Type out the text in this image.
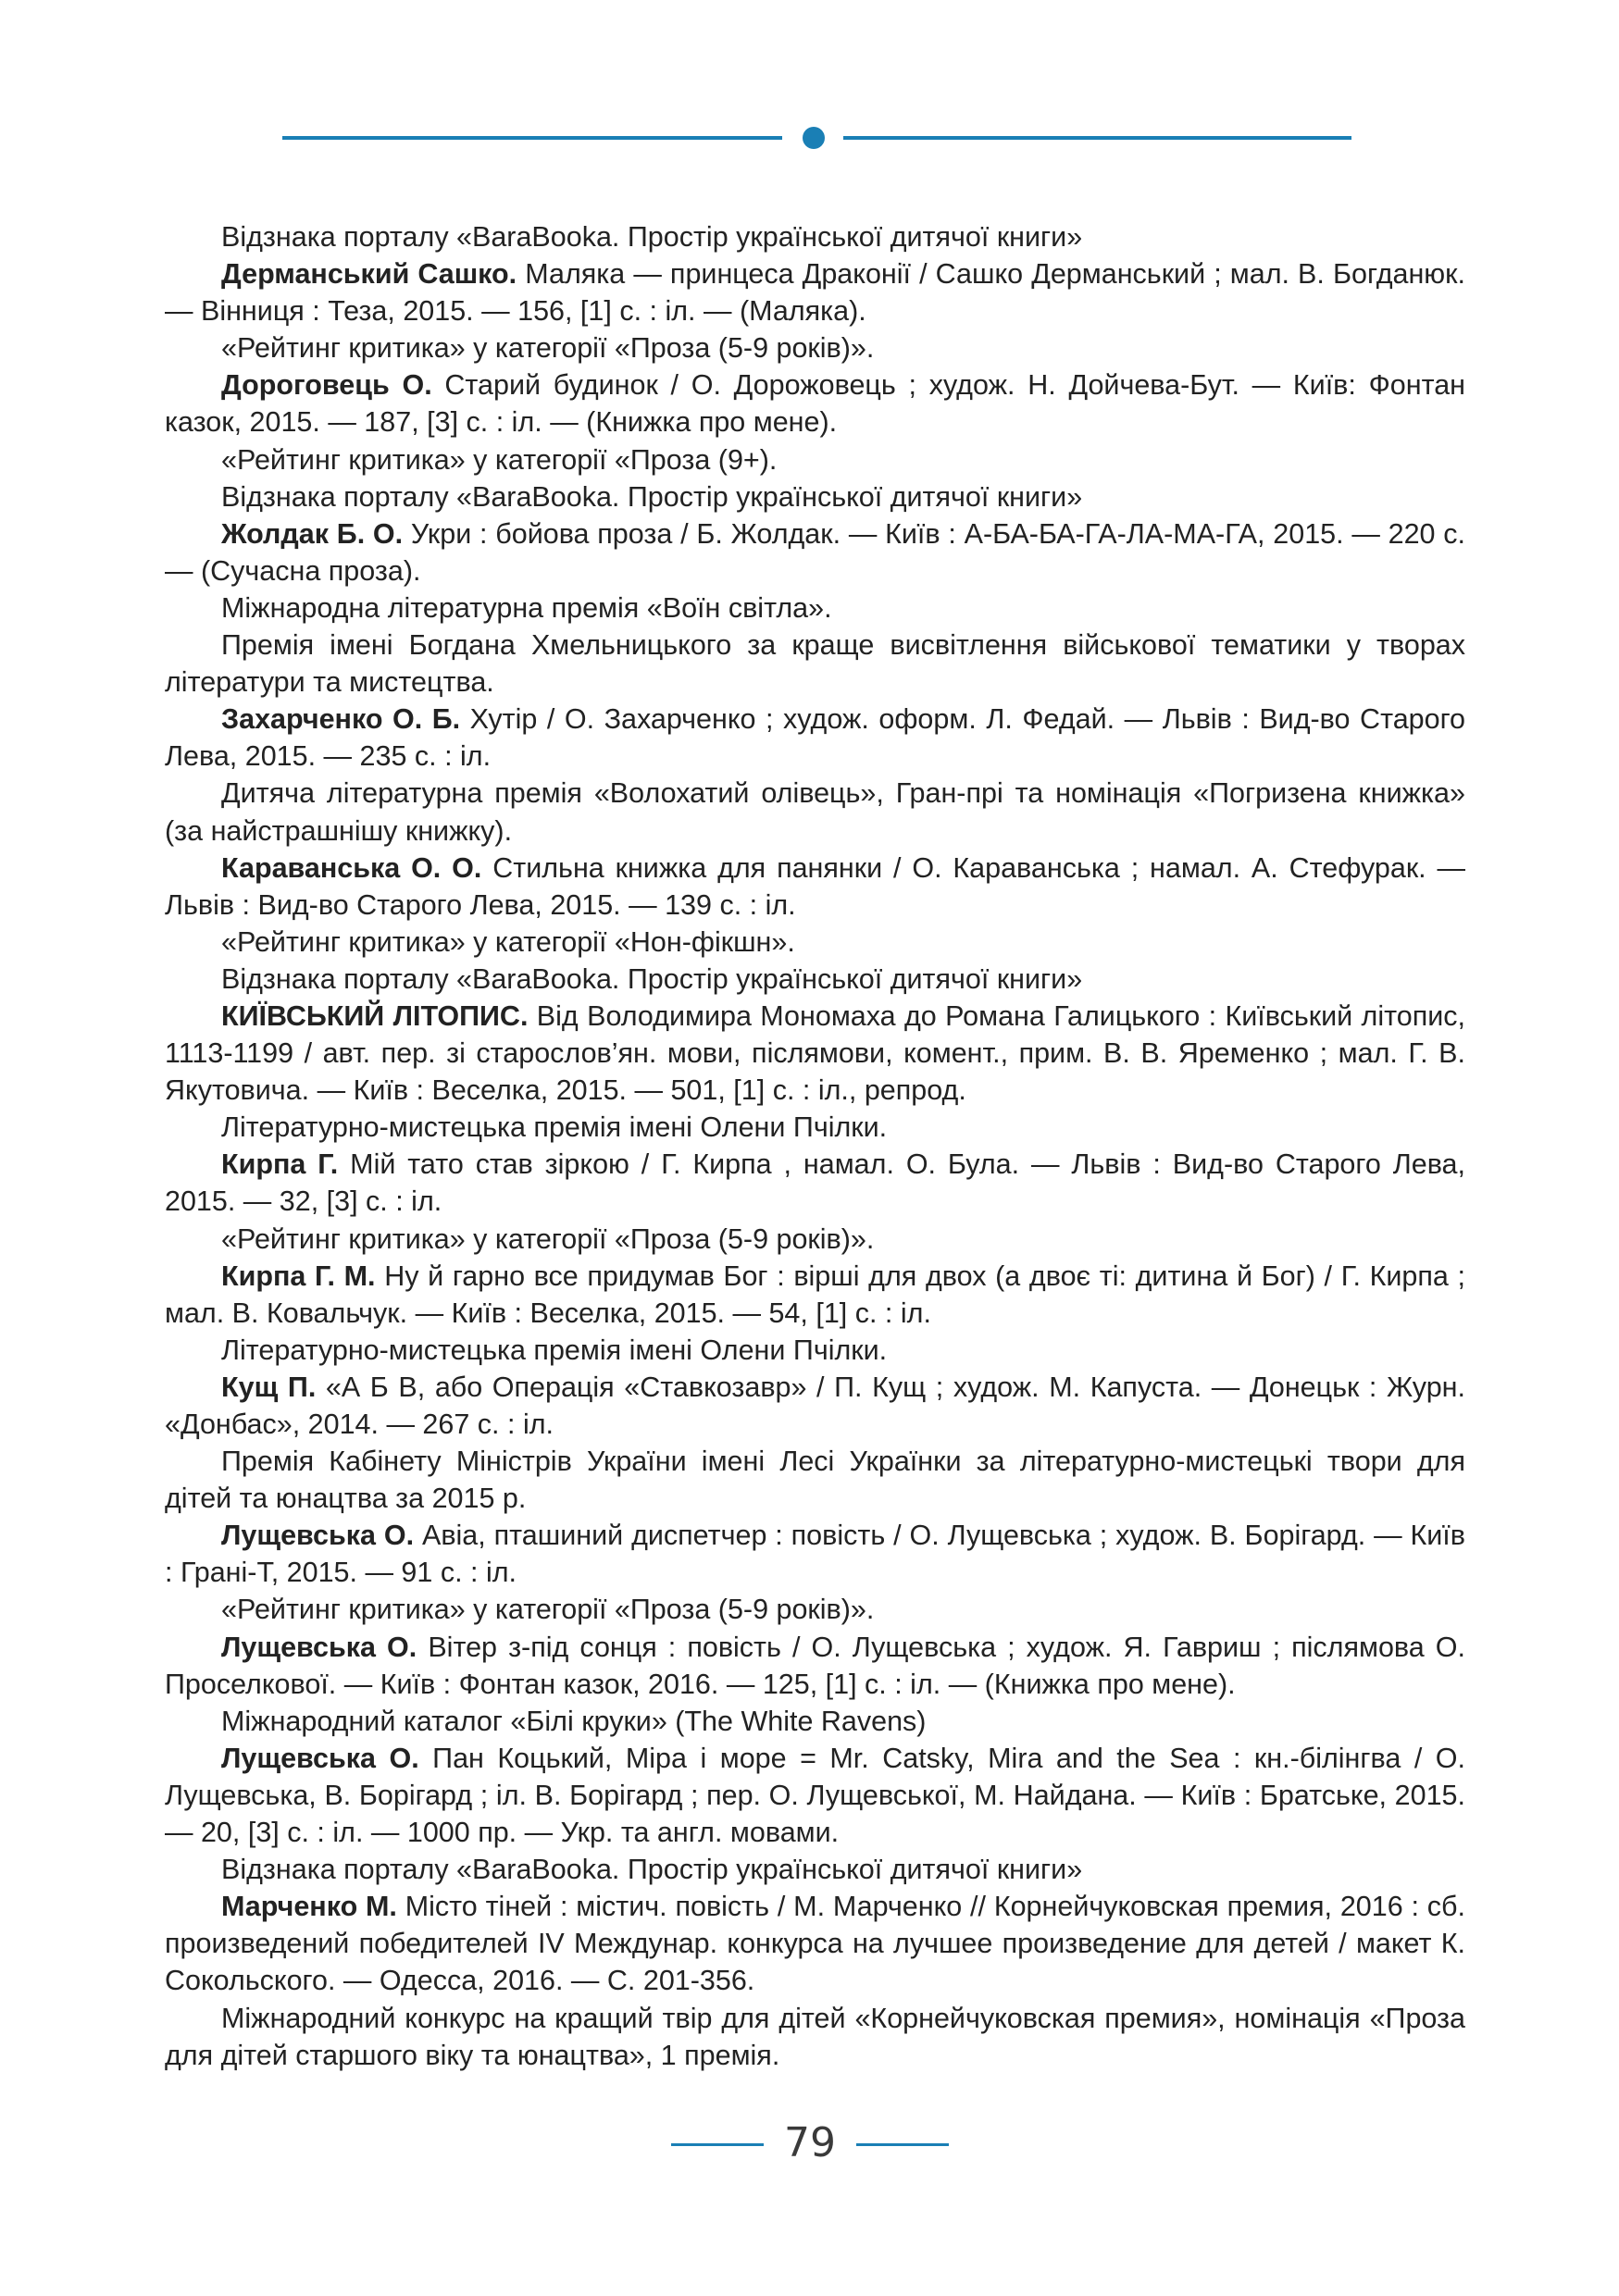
Відзнака порталу «BaraBooka. Простір української дитячої книги»

Дерманський Сашко. Маляка — принцеса Драконії / Сашко Дерманський ; мал. В. Богданюк. — Вінниця : Теза, 2015. — 156, [1] с. : іл. — (Маляка).

«Рейтинг критика» у категорії «Проза (5-9 років)».

Дороговець О. Старий будинок / О. Дорожовець ; худож. Н. Дойчева-Бут. — Київ: Фонтан казок, 2015. — 187, [3] с. : іл. — (Книжка про мене).

«Рейтинг критика» у категорії «Проза (9+).

Відзнака порталу «BaraBooka. Простір української дитячої книги»

Жолдак Б. О. Укри : бойова проза / Б. Жолдак. — Київ : А-БА-БА-ГА-ЛА-МА-ГА, 2015. — 220 с. — (Сучасна проза).

Міжнародна літературна премія «Воїн світла».

Премія імені Богдана Хмельницького за краще висвітлення військової тематики у творах літератури та мистецтва.

Захарченко О. Б. Хутір / О. Захарченко ; худож. оформ. Л. Федай. — Львів : Вид-во Старого Лева, 2015. — 235 с. : іл.

Дитяча літературна премія «Волохатий олівець», Гран-прі та номінація «Погризена книжка» (за найстрашнішу книжку).

Караванська О. О. Стильна книжка для панянки / О. Караванська ; намал. А. Стефурак. — Львів : Вид-во Старого Лева, 2015. — 139 с. : іл.

«Рейтинг критика» у категорії «Нон-фікшн».

Відзнака порталу «BaraBooka. Простір української дитячої книги»

КИЇВСЬКИЙ ЛІТОПИС. Від Володимира Мономаха до Романа Галицького : Київський літопис, 1113-1199 / авт. пер. зі старослов’ян. мови, післямови, комент., прим. В. В. Яременко ; мал. Г. В. Якутовича. — Київ : Веселка, 2015. — 501, [1] с. : іл., репрод.

Літературно-мистецька премія імені Олени Пчілки.

Кирпа Г. Мій тато став зіркою / Г. Кирпа , намал. О. Була. — Львів : Вид-во Старого Лева, 2015. — 32, [3] с. : іл.

«Рейтинг критика» у категорії «Проза (5-9 років)».

Кирпа Г. М. Ну й гарно все придумав Бог : вірші для двох (а двоє ті: дитина й Бог) / Г. Кирпа ; мал. В. Ковальчук. — Київ : Веселка, 2015. — 54, [1] с. : іл.

Літературно-мистецька премія імені Олени Пчілки.

Кущ П. «А Б В, або Операція «Ставкозавр» / П. Кущ ; худож. М. Капуста. — Донецьк : Журн. «Донбас», 2014. — 267 с. : іл.

Премія Кабінету Міністрів України імені Лесі Українки за літературно-мистецькі твори для дітей та юнацтва за 2015 р.

Лущевська О. Авіа, пташиний диспетчер : повість / О. Лущевська ; худож. В. Борігард. — Київ : Грані-Т, 2015. — 91 с. : іл.

«Рейтинг критика» у категорії «Проза (5-9 років)».

Лущевська О. Вітер з-під сонця : повість / О. Лущевська ; худож. Я. Гавриш ; післямова О. Проселкової. — Київ : Фонтан казок, 2016. — 125, [1] с. : іл. — (Книжка про мене).

Міжнародний каталог «Білі круки» (The White Ravens)

Лущевська О. Пан Коцький, Міра і море = Mr. Catsky, Mira and the Sea : кн.-білінгва / О. Лущевська, В. Борігард ; іл. В. Борігард ; пер. О. Лущевської, М. Найдана. — Київ : Братське, 2015. — 20, [3] с. : іл. — 1000 пр. — Укр. та англ. мовами.

Відзнака порталу «BaraBooka. Простір української дитячої книги»

Марченко М. Місто тіней : містич. повість / М. Марченко // Корнейчуковская премия, 2016 : сб. произведений победителей IV Междунар. конкурса на лучшее произведение для детей / макет К. Сокольского. — Одесса, 2016. — С. 201-356.

Міжнародний конкурс на кращий твір для дітей «Корнейчуковская премия», номінація «Проза для дітей старшого віку та юнацтва», 1 премія.

79
